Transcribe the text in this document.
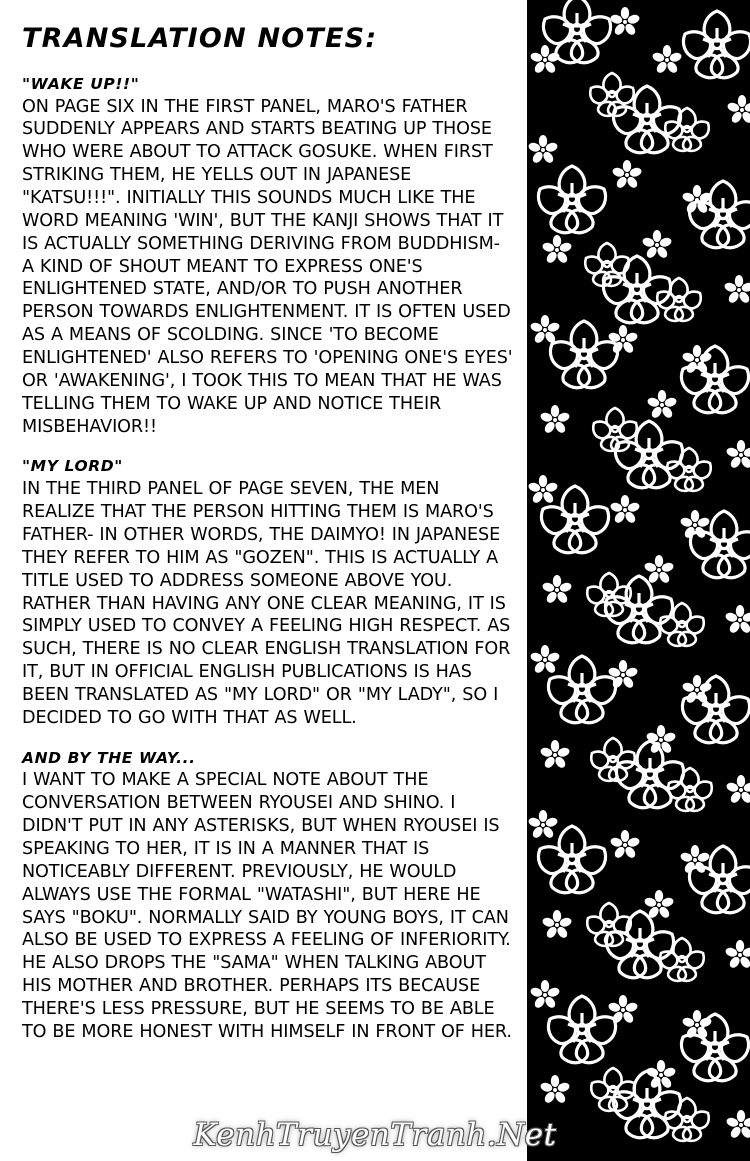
TRANSLATION NOTES:
"WAKE UP!!"

ON PAGE SIX IN THE FIRST PANEL, MARO'S FATHER SUDDENLY APPEARS AND STARTS BEATING UP THOSE WHO WERE ABOUT TO ATTACK GOSUKE. WHEN FIRST STRIKING THEM, HE YELLS OUT IN JAPANESE "KATSU!!!". INITIALLY THIS SOUNDS MUCH LIKE THE WORD MEANING 'WIN', BUT THE KANJI SHOWS THAT IT IS ACTUALLY SOMETHING DERIVING FROM BUDDHISM- A KIND OF SHOUT MEANT TO EXPRESS ONE'S ENLIGHTENED STATE, AND/OR TO PUSH ANOTHER PERSON TOWARDS ENLIGHTENMENT. IT IS OFTEN USED AS A MEANS OF SCOLDING. SINCE 'TO BECOME ENLIGHTENED' ALSO REFERS TO 'OPENING ONE'S EYES' OR 'AWAKENING', I TOOK THIS TO MEAN THAT HE WAS TELLING THEM TO WAKE UP AND NOTICE THEIR MISBEHAVIOR!!

"MY LORD"

IN THE THIRD PANEL OF PAGE SEVEN, THE MEN REALIZE THAT THE PERSON HITTING THEM IS MARO'S FATHER- IN OTHER WORDS, THE DAIMYO! IN JAPANESE THEY REFER TO HIM AS "GOZEN". THIS IS ACTUALLY A TITLE USED TO ADDRESS SOMEONE ABOVE YOU. RATHER THAN HAVING ANY ONE CLEAR MEANING, IT IS SIMPLY USED TO CONVEY A FEELING HIGH RESPECT. AS SUCH, THERE IS NO CLEAR ENGLISH TRANSLATION FOR IT, BUT IN OFFICIAL ENGLISH PUBLICATIONS IS HAS BEEN TRANSLATED AS "MY LORD" OR "MY LADY", SO I DECIDED TO GO WITH THAT AS WELL.

AND BY THE WAY...

I WANT TO MAKE A SPECIAL NOTE ABOUT THE CONVERSATION BETWEEN RYOUSEI AND SHINO. I DIDN'T PUT IN ANY ASTERISKS, BUT WHEN RYOUSEI IS SPEAKING TO HER, IT IS IN A MANNER THAT IS NOTICEABLY DIFFERENT. PREVIOUSLY, HE WOULD ALWAYS USE THE FORMAL "WATASHI", BUT HERE HE SAYS "BOKU". NORMALLY SAID BY YOUNG BOYS, IT CAN ALSO BE USED TO EXPRESS A FEELING OF INFERIORITY. HE ALSO DROPS THE "SAMA" WHEN TALKING ABOUT HIS MOTHER AND BROTHER. PERHAPS ITS BECAUSE THERE'S LESS PRESSURE, BUT HE SEEMS TO BE ABLE TO BE MORE HONEST WITH HIMSELF IN FRONT OF HER.

KenhTruyenTranh.Net
